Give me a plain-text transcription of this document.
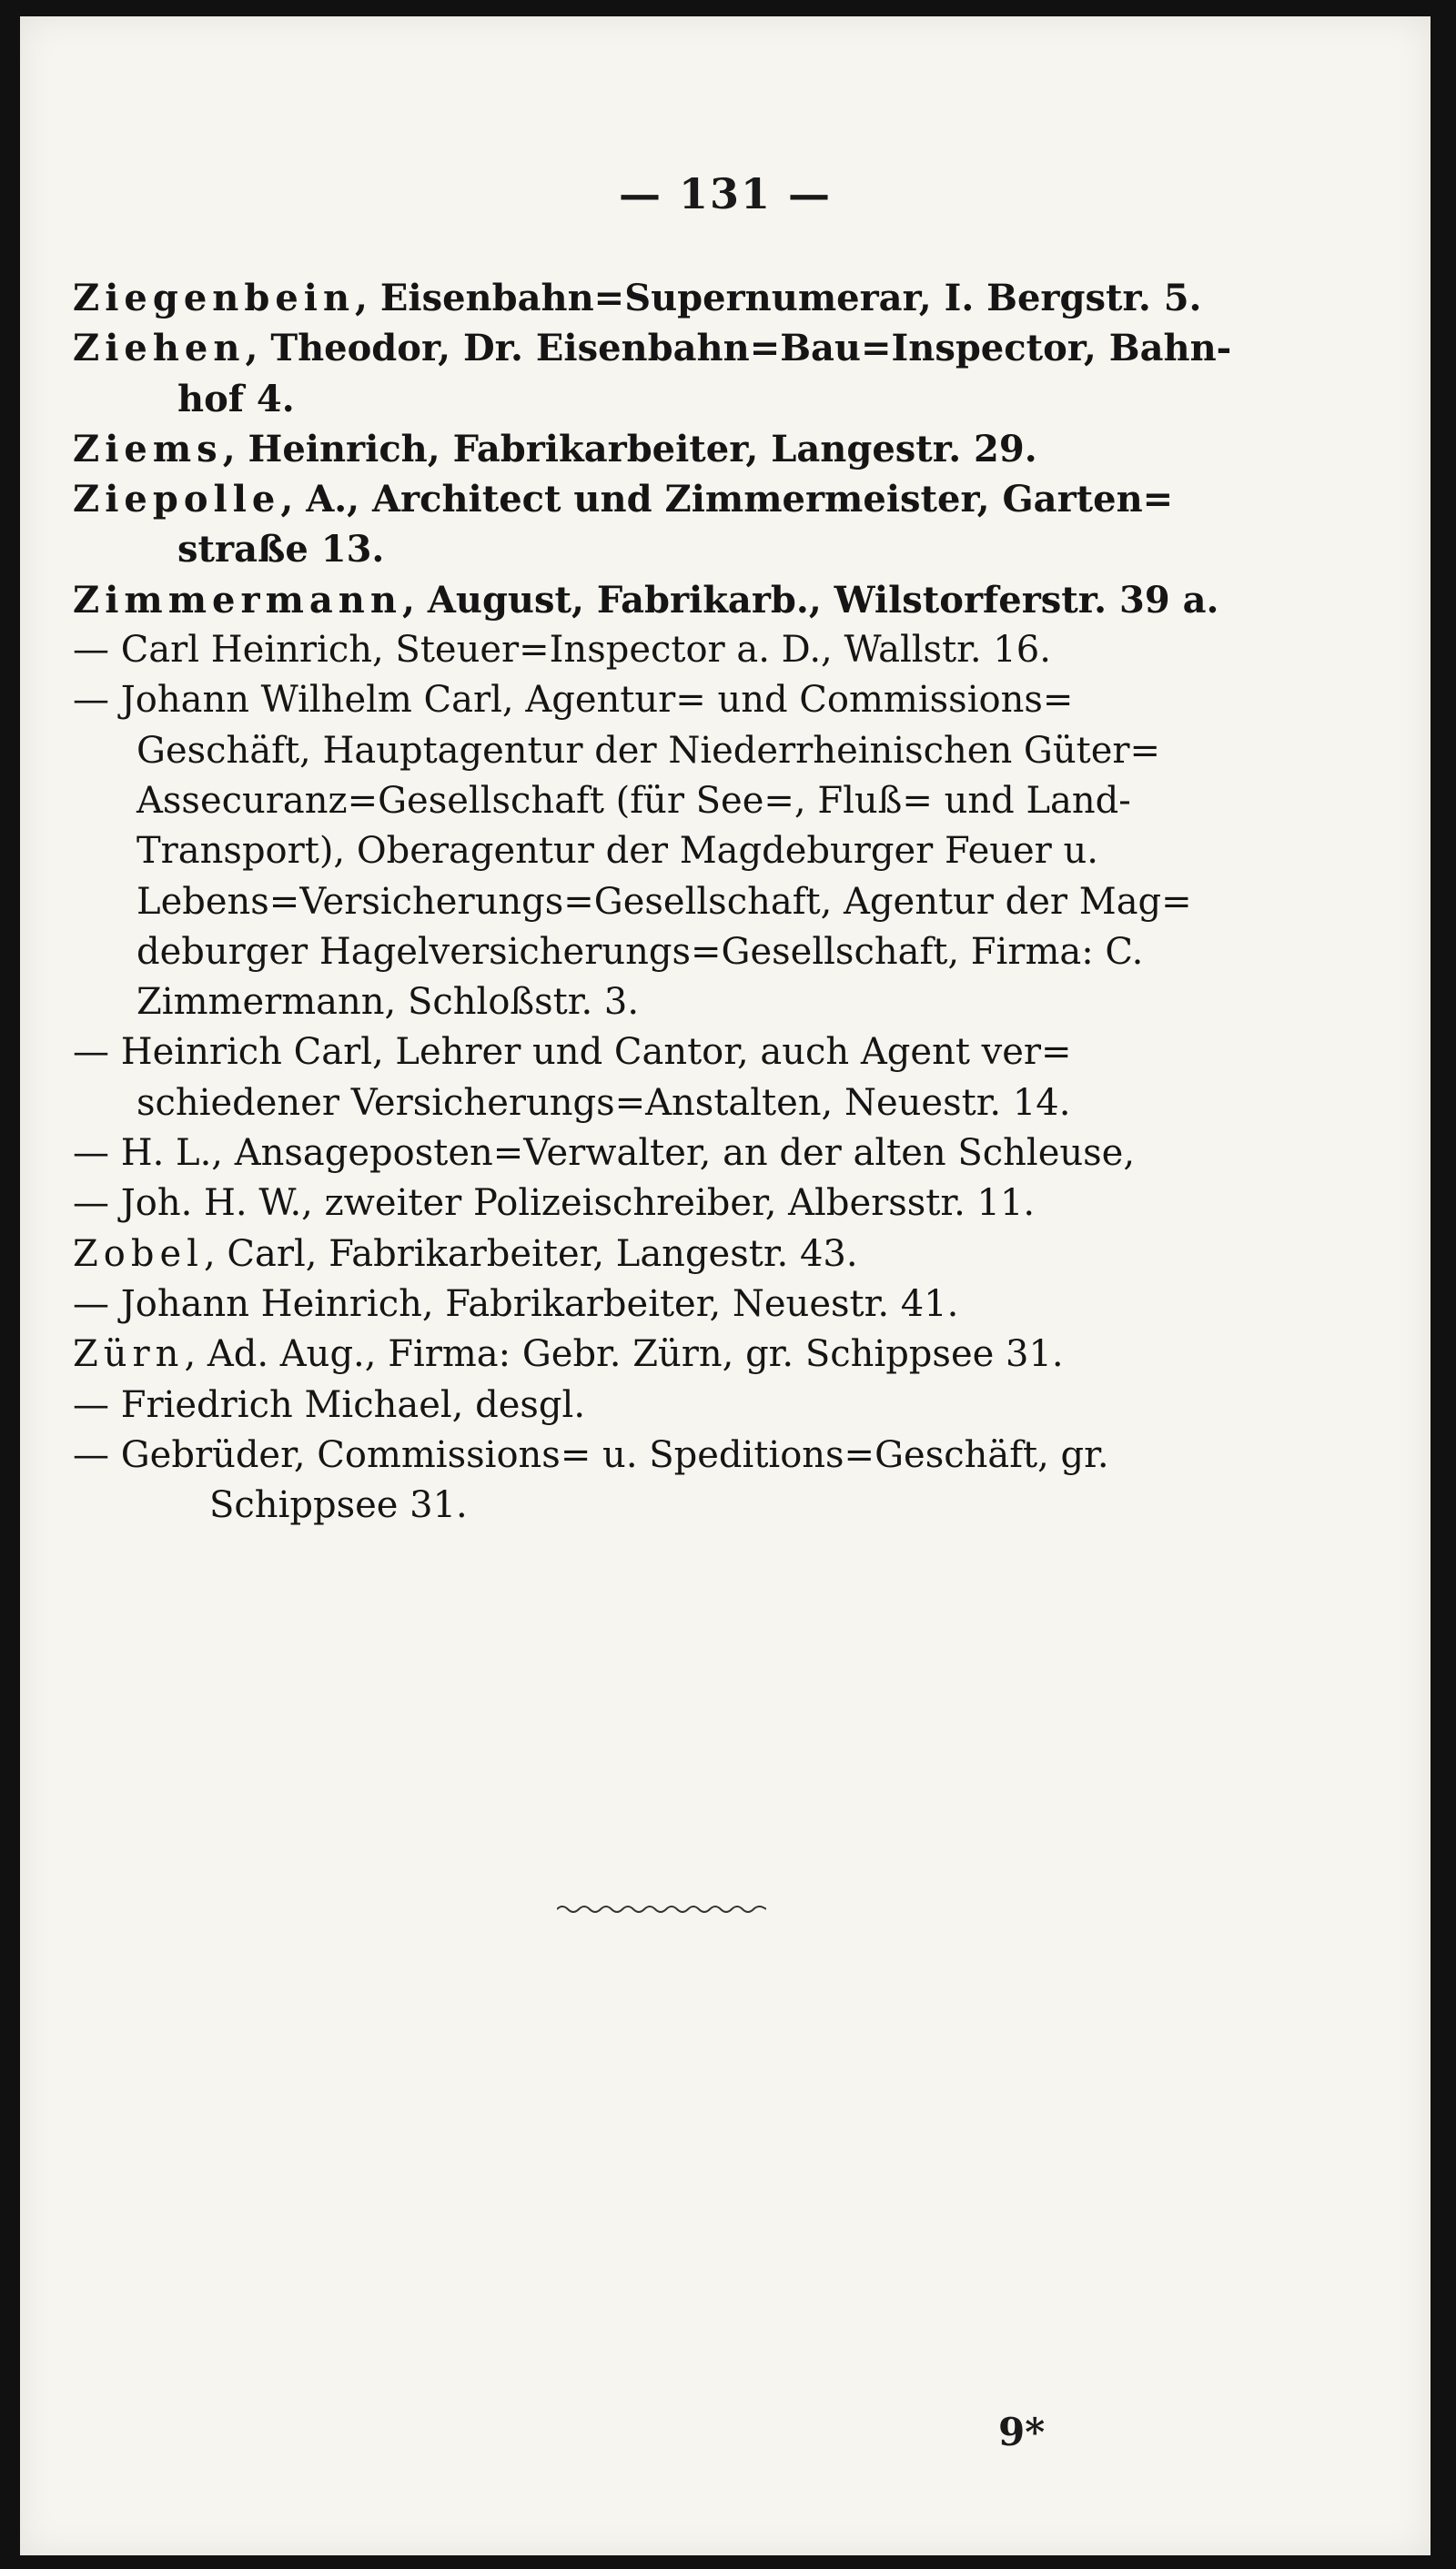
— 131 —
Ziegenbein, Eisenbahn=Supernumerar, I. Bergstr. 5.
Ziehen, Theodor, Dr. Eisenbahn=Bau=Inspector, Bahn-
hof 4.
Ziems, Heinrich, Fabrikarbeiter, Langestr. 29.
Ziepolle, A., Architect und Zimmermeister, Garten=
straße 13.
Zimmermann, August, Fabrikarb., Wilstorferstr. 39 a.
— Carl Heinrich, Steuer=Inspector a. D., Wallstr. 16.
— Johann Wilhelm Carl, Agentur= und Commissions=
Geschäft, Hauptagentur der Niederrheinischen Güter=
Assecuranz=Gesellschaft (für See=, Fluß= und Land-
Transport), Oberagentur der Magdeburger Feuer u.
Lebens=Versicherungs=Gesellschaft, Agentur der Mag=
deburger Hagelversicherungs=Gesellschaft, Firma: C.
Zimmermann, Schloßstr. 3.
— Heinrich Carl, Lehrer und Cantor, auch Agent ver=
schiedener Versicherungs=Anstalten, Neuestr. 14.
— H. L., Ansageposten=Verwalter, an der alten Schleuse,
— Joh. H. W., zweiter Polizeischreiber, Albersstr. 11.
Zobel, Carl, Fabrikarbeiter, Langestr. 43.
— Johann Heinrich, Fabrikarbeiter, Neuestr. 41.
Zürn, Ad. Aug., Firma: Gebr. Zürn, gr. Schippsee 31.
— Friedrich Michael, desgl.
— Gebrüder, Commissions= u. Speditions=Geschäft, gr.
Schippsee 31.
9*
